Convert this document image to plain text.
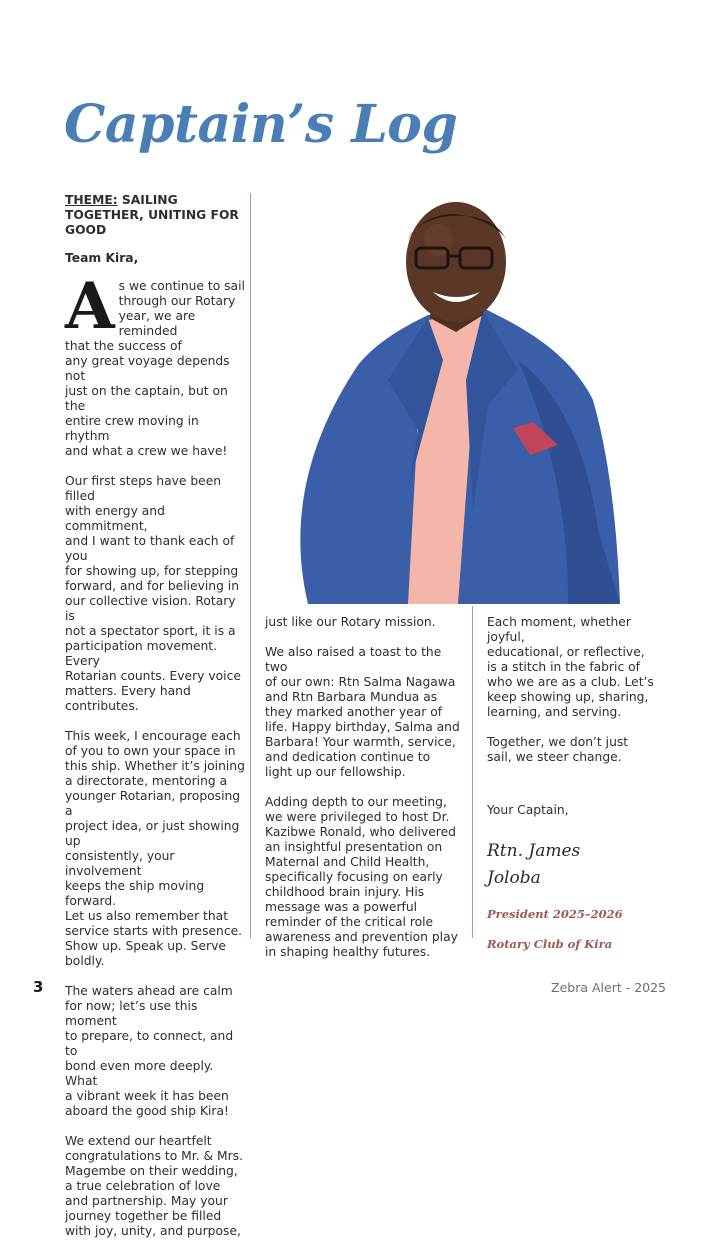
Captain’s Log

THEME: SAILING TOGETHER, UNITING FOR GOOD

Team Kira,

As we continue to sail
through our Rotary
year, we are reminded
that the success of
any great voyage depends not
just on the captain, but on the
entire crew moving in rhythm
and what a crew we have!

Our first steps have been filled
with energy and commitment,
and I want to thank each of you
for showing up, for stepping
forward, and for believing in
our collective vision. Rotary is
not a spectator sport, it is a
participation movement. Every
Rotarian counts. Every voice
matters. Every hand contributes.

This week, I encourage each
of you to own your space in
this ship. Whether it’s joining
a directorate, mentoring a
younger Rotarian, proposing a
project idea, or just showing up
consistently, your involvement
keeps the ship moving forward.
Let us also remember that
service starts with presence.
Show up. Speak up. Serve boldly.

The waters ahead are calm
for now; let’s use this moment
to prepare, to connect, and to
bond even more deeply. What
a vibrant week it has been
aboard the good ship Kira!

We extend our heartfelt
congratulations to Mr. & Mrs.
Magembe on their wedding,
a true celebration of love
and partnership. May your
journey together be filled
with joy, unity, and purpose,

just like our Rotary mission.

We also raised a toast to the two
of our own: Rtn Salma Nagawa
and Rtn Barbara Mundua as
they marked another year of
life. Happy birthday, Salma and
Barbara! Your warmth, service,
and dedication continue to
light up our fellowship.

Adding depth to our meeting,
we were privileged to host Dr.
Kazibwe Ronald, who delivered
an insightful presentation on
Maternal and Child Health,
specifically focusing on early
childhood brain injury. His
message was a powerful
reminder of the critical role
awareness and prevention play
in shaping healthy futures.

Each moment, whether joyful,
educational, or reflective,
is a stitch in the fabric of
who we are as a club. Let’s
keep showing up, sharing,
learning, and serving.

Together, we don’t just
sail, we steer change.

Your Captain,

Rtn. James
Joloba

President 2025–2026

Rotary Club of Kira

3	Zebra Alert - 2025
